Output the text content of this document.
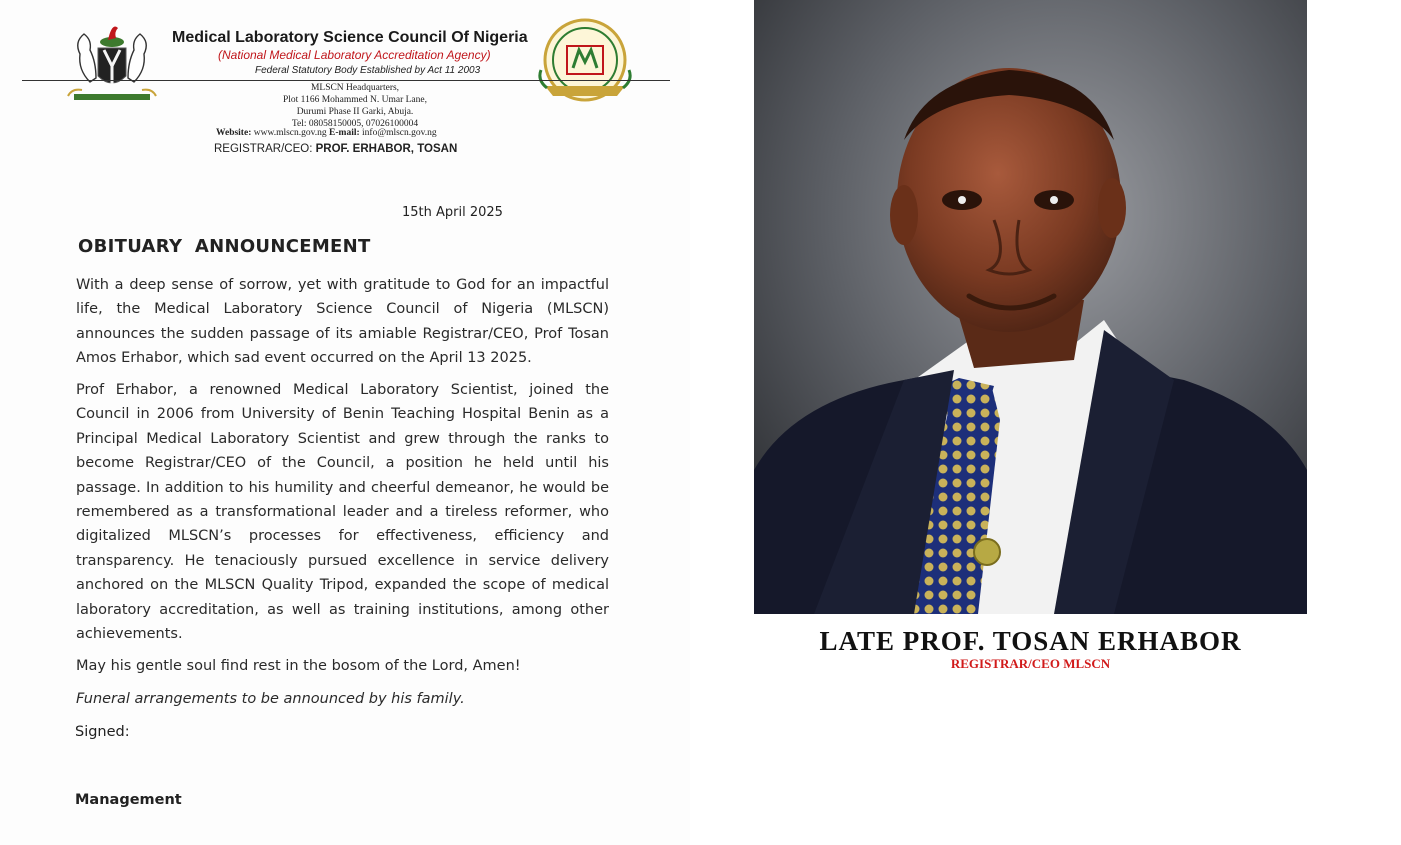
Medical Laboratory Science Council Of Nigeria
(National Medical Laboratory Accreditation Agency)
Federal Statutory Body Established by Act 11 2003
MLSCN Headquarters,
Plot 1166 Mohammed N. Umar Lane,
Durumi Phase II Garki, Abuja.
Tel: 08058150005, 07026100004
Website: www.mlscn.gov.ng E-mail: info@mlscn.gov.ng
REGISTRAR/CEO: PROF. ERHABOR, TOSAN
15th April 2025
OBITUARY ANNOUNCEMENT

With a deep sense of sorrow, yet with gratitude to God for an impactful life, the Medical Laboratory Science Council of Nigeria (MLSCN) announces the sudden passage of its amiable Registrar/CEO, Prof Tosan Amos Erhabor, which sad event occurred on the April 13 2025.

Prof Erhabor, a renowned Medical Laboratory Scientist, joined the Council in 2006 from University of Benin Teaching Hospital Benin as a Principal Medical Laboratory Scientist and grew through the ranks to become Registrar/CEO of the Council, a position he held until his passage. In addition to his humility and cheerful demeanor, he would be remembered as a transformational leader and a tireless reformer, who digitalized MLSCN’s processes for effectiveness, efficiency and transparency. He tenaciously pursued excellence in service delivery anchored on the MLSCN Quality Tripod, expanded the scope of medical laboratory accreditation, as well as training institutions, among other achievements.

May his gentle soul find rest in the bosom of the Lord, Amen!

Funeral arrangements to be announced by his family.

Signed:
Management
LATE PROF. TOSAN ERHABOR
REGISTRAR/CEO MLSCN
